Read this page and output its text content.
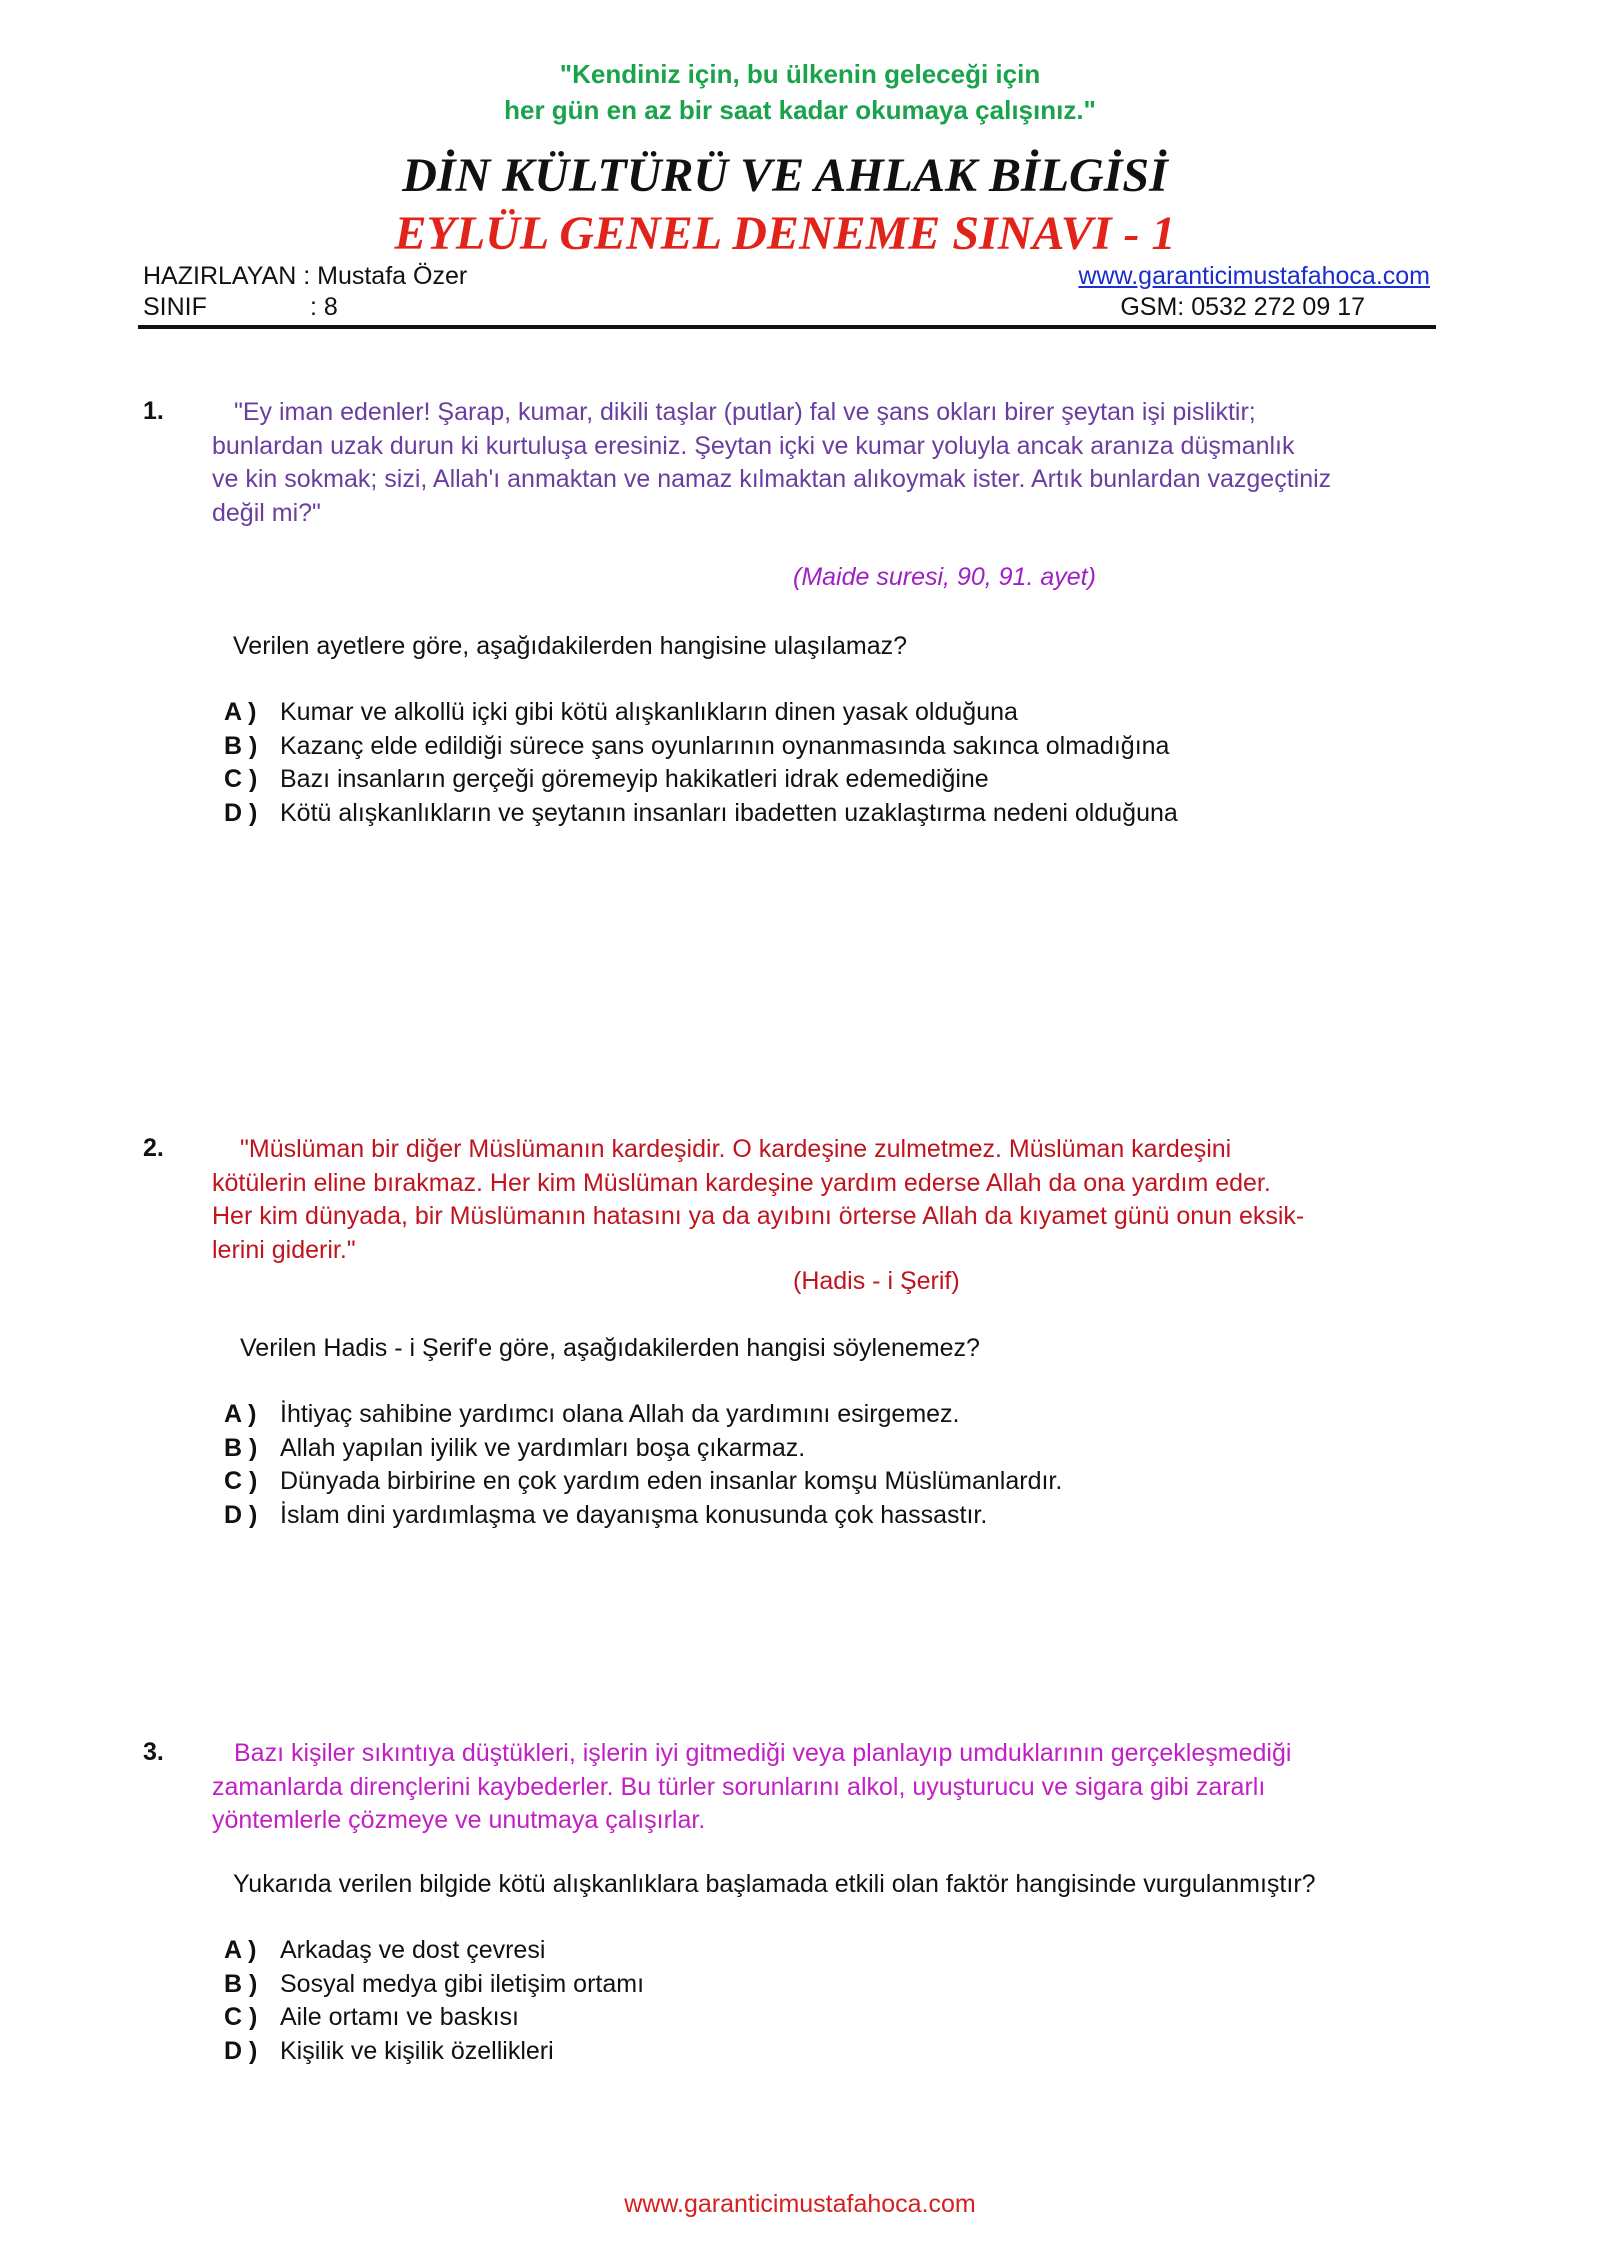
"Kendiniz için, bu ülkenin geleceği için
her gün en az bir saat kadar okumaya çalışınız."
DİN KÜLTÜRÜ VE AHLAK BİLGİSİ
EYLÜL GENEL DENEME SINAVI - 1
HAZIRLAYAN : Mustafa Özer
SINIF	: 8
www.garanticimustafahoca.com
GSM: 0532 272 09 17
1.	"Ey iman edenler! Şarap, kumar, dikili taşlar (putlar) fal ve şans okları birer şeytan işi pisliktir;
bunlardan uzak durun ki kurtuluşa eresiniz. Şeytan içki ve kumar yoluyla ancak aranıza düşmanlık
ve kin sokmak; sizi, Allah'ı anmaktan ve namaz kılmaktan alıkoymak ister. Artık bunlardan vazgeçtiniz
değil mi?"
(Maide suresi, 90, 91. ayet)
Verilen ayetlere göre, aşağıdakilerden hangisine ulaşılamaz?
A ) Kumar ve alkollü içki gibi kötü alışkanlıkların dinen yasak olduğuna
B ) Kazanç elde edildiği sürece şans oyunlarının oynanmasında sakınca olmadığına
C ) Bazı insanların gerçeği göremeyip hakikatleri idrak edemediğine
D ) Kötü alışkanlıkların ve şeytanın insanları ibadetten uzaklaştırma nedeni olduğuna
2.	"Müslüman bir diğer Müslümanın kardeşidir. O kardeşine zulmetmez. Müslüman kardeşini
kötülerin eline bırakmaz. Her kim Müslüman kardeşine yardım ederse Allah da ona yardım eder.
Her kim dünyada, bir Müslümanın hatasını ya da ayıbını örterse Allah da kıyamet günü onun eksik-
lerini giderir."
(Hadis - i Şerif)
Verilen Hadis - i Şerif'e göre, aşağıdakilerden hangisi söylenemez?
A ) İhtiyaç sahibine yardımcı olana Allah da yardımını esirgemez.
B ) Allah yapılan iyilik ve yardımları boşa çıkarmaz.
C ) Dünyada birbirine en çok yardım eden insanlar komşu Müslümanlardır.
D ) İslam dini yardımlaşma ve dayanışma konusunda çok hassastır.
3.	Bazı kişiler sıkıntıya düştükleri, işlerin iyi gitmediği veya planlayıp umduklarının gerçekleşmediği
zamanlarda dirençlerini kaybederler. Bu türler sorunlarını alkol, uyuşturucu ve sigara gibi zararlı
yöntemlerle çözmeye ve unutmaya çalışırlar.
Yukarıda verilen bilgide kötü alışkanlıklara başlamada etkili olan faktör hangisinde vurgulanmıştır?
A ) Arkadaş ve dost çevresi
B ) Sosyal medya gibi iletişim ortamı
C ) Aile ortamı ve baskısı
D ) Kişilik ve kişilik özellikleri
www.garanticimustafahoca.com
